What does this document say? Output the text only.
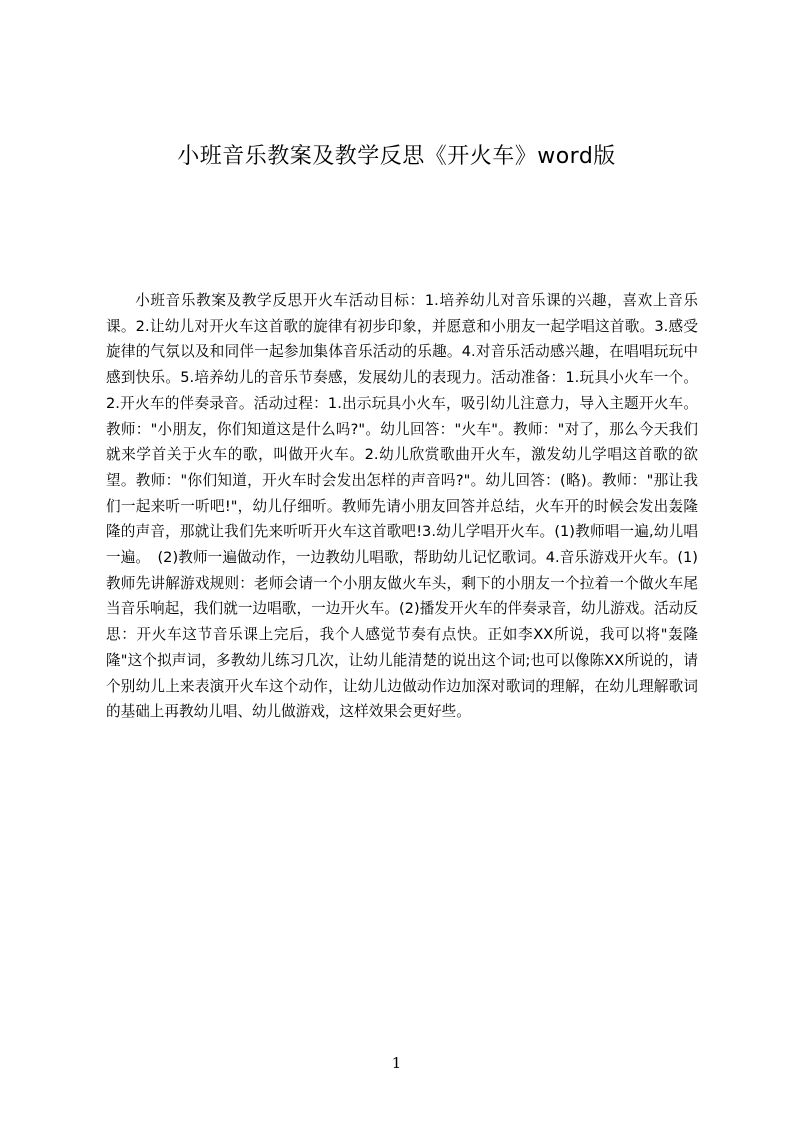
小班音乐教案及教学反思《开火车》word版
小班音乐教案及教学反思开火车活动目标：1.培养幼儿对音乐课的兴趣，喜欢上音乐课。2.让幼儿对开火车这首歌的旋律有初步印象，并愿意和小朋友一起学唱这首歌。3.感受旋律的气氛以及和同伴一起参加集体音乐活动的乐趣。4.对音乐活动感兴趣，在唱唱玩玩中感到快乐。5.培养幼儿的音乐节奏感，发展幼儿的表现力。活动准备：1.玩具小火车一个。2.开火车的伴奏录音。活动过程：1.出示玩具小火车，吸引幼儿注意力，导入主题开火车。教师："小朋友，你们知道这是什么吗?"。幼儿回答："火车"。教师："对了，那么今天我们就来学首关于火车的歌，叫做开火车。2.幼儿欣赏歌曲开火车，激发幼儿学唱这首歌的欲望。教师："你们知道，开火车时会发出怎样的声音吗?"。幼儿回答：(略)。教师："那让我们一起来听一听吧!"，幼儿仔细听。教师先请小朋友回答并总结，火车开的时候会发出轰隆隆的声音，那就让我们先来听听开火车这首歌吧!3.幼儿学唱开火车。(1)教师唱一遍,幼儿唱一遍。　(2)教师一遍做动作，一边教幼儿唱歌，帮助幼儿记忆歌词。4.音乐游戏开火车。(1)教师先讲解游戏规则：老师会请一个小朋友做火车头，剩下的小朋友一个拉着一个做火车尾当音乐响起，我们就一边唱歌，一边开火车。(2)播发开火车的伴奏录音，幼儿游戏。活动反思：开火车这节音乐课上完后，我个人感觉节奏有点快。正如李XX所说，我可以将"轰隆隆"这个拟声词，多教幼儿练习几次，让幼儿能清楚的说出这个词;也可以像陈XX所说的，请个别幼儿上来表演开火车这个动作，让幼儿边做动作边加深对歌词的理解，在幼儿理解歌词的基础上再教幼儿唱、幼儿做游戏，这样效果会更好些。
1
